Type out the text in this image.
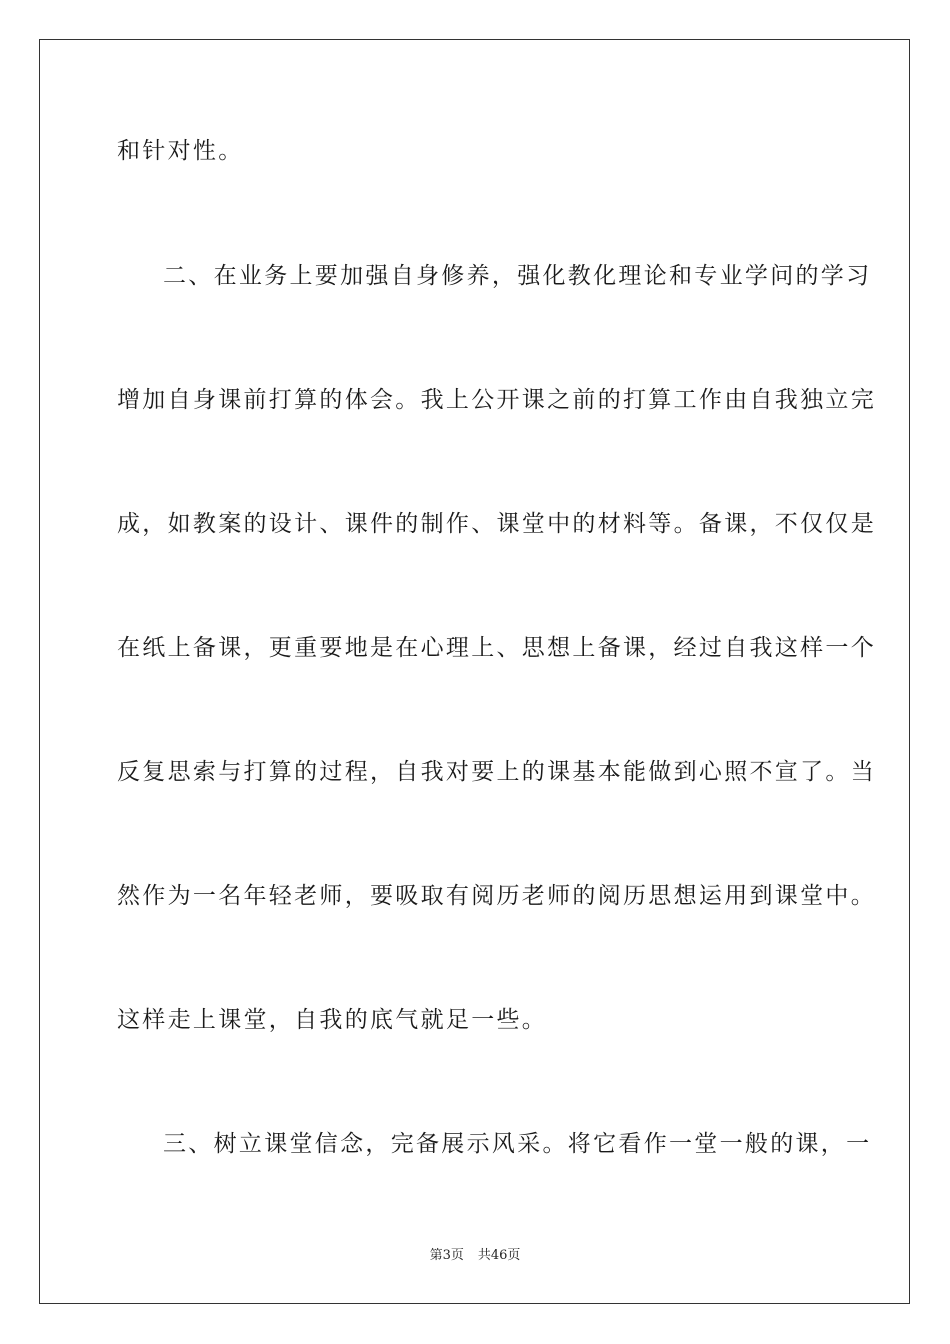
和针对性。
二、在业务上要加强自身修养，强化教化理论和专业学问的学习
增加自身课前打算的体会。我上公开课之前的打算工作由自我独立完
成，如教案的设计、课件的制作、课堂中的材料等。备课，不仅仅是
在纸上备课，更重要地是在心理上、思想上备课，经过自我这样一个
反复思索与打算的过程，自我对要上的课基本能做到心照不宣了。当
然作为一名年轻老师，要吸取有阅历老师的阅历思想运用到课堂中。
这样走上课堂，自我的底气就足一些。
三、树立课堂信念，完备展示风采。将它看作一堂一般的课，一
第3页 共46页
